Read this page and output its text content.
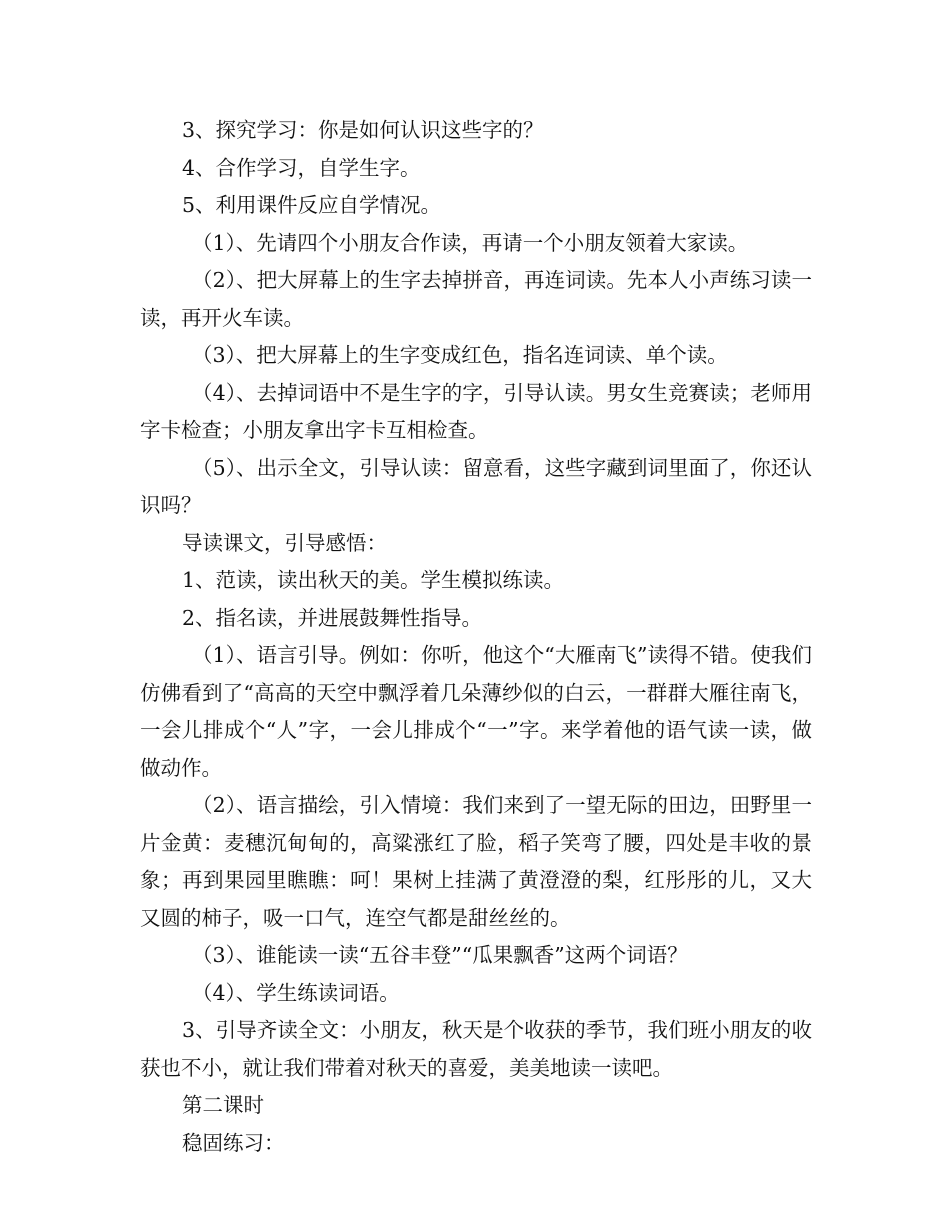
3、探究学习：你是如何认识这些字的？

4、合作学习，自学生字。

5、利用课件反应自学情况。

（1）、先请四个小朋友合作读，再请一个小朋友领着大家读。

（2）、把大屏幕上的生字去掉拼音，再连词读。先本人小声练习读一读，再开火车读。

（3）、把大屏幕上的生字变成红色，指名连词读、单个读。

（4）、去掉词语中不是生字的字，引导认读。男女生竞赛读；老师用字卡检查；小朋友拿出字卡互相检查。

（5）、出示全文，引导认读：留意看，这些字藏到词里面了，你还认识吗？

导读课文，引导感悟：

1、范读，读出秋天的美。学生模拟练读。

2、指名读，并进展鼓舞性指导。

（1）、语言引导。例如：你听，他这个“大雁南飞”读得不错。使我们仿佛看到了“高高的天空中飘浮着几朵薄纱似的白云，一群群大雁往南飞，一会儿排成个“人”字，一会儿排成个“一”字。来学着他的语气读一读，做做动作。

（2）、语言描绘，引入情境：我们来到了一望无际的田边，田野里一片金黄：麦穗沉甸甸的，高粱涨红了脸，稻子笑弯了腰，四处是丰收的景象；再到果园里瞧瞧：呵！果树上挂满了黄澄澄的梨，红彤彤的儿，又大又圆的柿子，吸一口气，连空气都是甜丝丝的。

（3）、谁能读一读“五谷丰登”“瓜果飘香”这两个词语？

（4）、学生练读词语。

3、引导齐读全文：小朋友，秋天是个收获的季节，我们班小朋友的收获也不小，就让我们带着对秋天的喜爱，美美地读一读吧。

第二课时

稳固练习：
